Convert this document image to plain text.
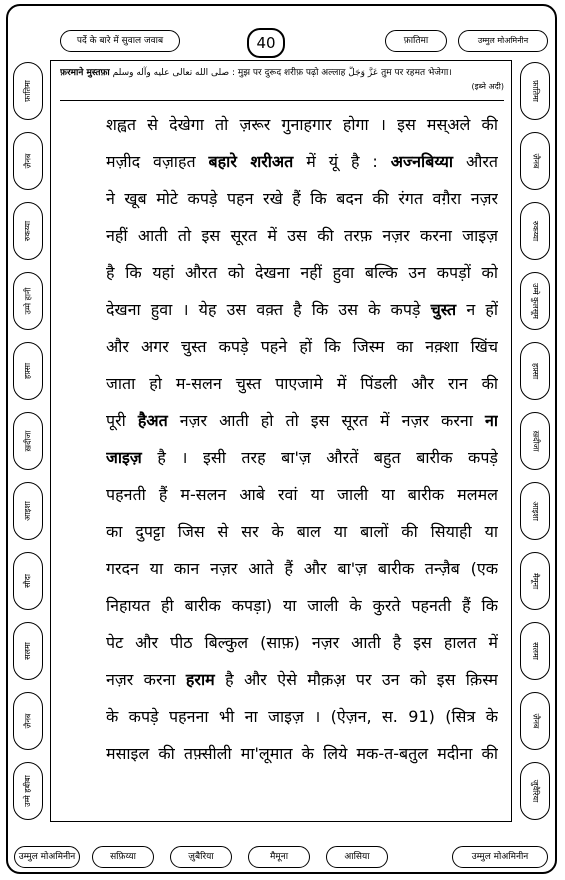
पर्दे के बारे में सुवाल जवाब	40	फ़ातिमा	उम्मुल मोअमिनीन
फ़रमाने मुस्तफ़ा صلى الله تعالى عليه وآله وسلم : मुझ पर दुरूद शरीफ़ पढ़ो अल्लाह عَزَّ وَجَلَّ तुम पर रहमत भेजेगा।
(इब्ने अदी)
फ़ातिमा
ज़ैनब
रुकय्या
उम्मे हानी
हफ़्सा
ख़दीजा
आइशा
सौदा
सलमा
ज़ैनब
उम्मे हबीबा
फ़ातिमा
ज़ैनब
रुकय्या
उम्मे कुलसूम
हफ़्सा
ख़दीजा
आइशा
मैमूना
सलमा
ज़ैनब
जुवैरिया
शह्वत से देखेगा तो ज़रूर गुनाहगार होगा । इस मस्अले की
मज़ीद वज़ाहत बहारे शरीअत में यूं है : अज्नबिय्या औरत
ने खूब मोटे कपड़े पहन रखे हैं कि बदन की रंगत वग़ैरा नज़र
नहीं आती तो इस सूरत में उस की तरफ़ नज़र करना जाइज़
है कि यहां औरत को देखना नहीं हुवा बल्कि उन कपड़ों को
देखना हुवा । येह उस वक़्त है कि उस के कपड़े चुस्त न हों
और अगर चुस्त कपड़े पहने हों कि जिस्म का नक़्शा खिंच
जाता हो म-सलन चुस्त पाएजामे में पिंडली और रान की
पूरी हैअत नज़र आती हो तो इस सूरत में नज़र करना ना
जाइज़ है । इसी तरह बा'ज़ औरतें बहुत बारीक कपड़े
पहनती हैं म-सलन आबे रवां या जाली या बारीक मलमल
का दुपट्टा जिस से सर के बाल या बालों की सियाही या
गरदन या कान नज़र आते हैं और बा'ज़ बारीक तन्ज़ैब (एक
निहायत ही बारीक कपड़ा) या जाली के कुरते पहनती हैं कि
पेट और पीठ बिल्कुल (साफ़) नज़र आती है इस हालत में
नज़र करना हराम है और ऐसे मौक़अ़ पर उन को इस क़िस्म
के कपड़े पहनना भी ना जाइज़ । (ऐज़न, स. 91) (सित्र के
मसाइल की तफ़्सीली मा'लूमात के लिये मक-त-बतुल मदीना की
उम्मुल मोअमिनीन	सफ़िय्या	ज़ुबैरिया	मैमूना	आसिया	उम्मुल मोअमिनीन
